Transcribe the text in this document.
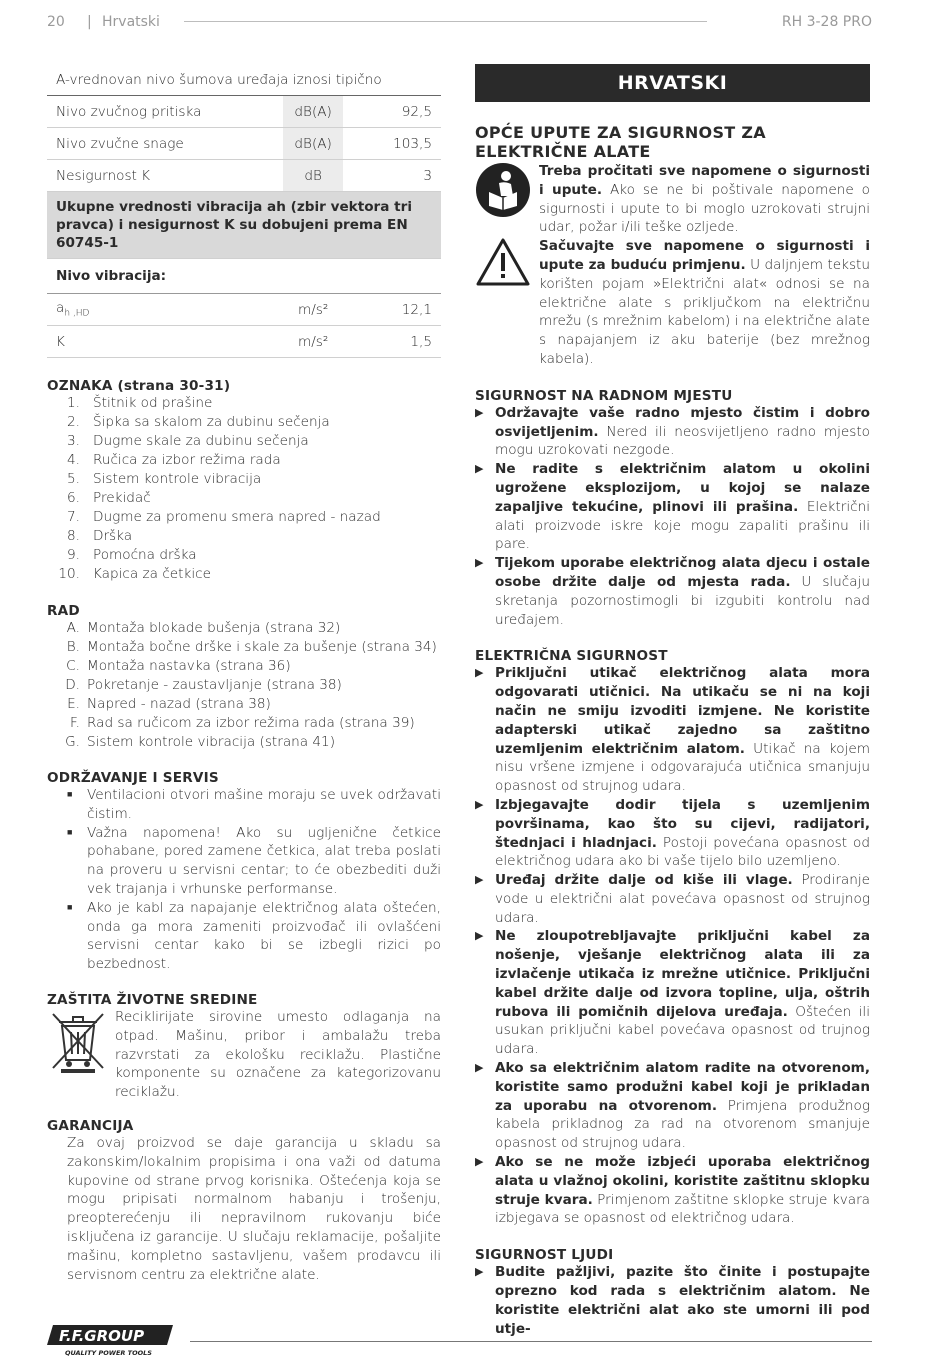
20 | Hrvatski	RH 3-28 PRO
A-vrednovan nivo šumova uređaja iznosi tipično		
Nivo zvučnog pritiska	dB(A)	92,5
Nivo zvučne snage	dB(A)	103,5
Nesigurnost K	dB	3
Ukupne vrednosti vibracija ah (zbir vektora tri pravca) i nesigurnost K su dobujeni prema EN 60745-1		
Nivo vibracija:		
$a_{h ,HD}$	m/s²	12,1
K	m/s²	1,5
OZNAKA (strana 30-31)
1. Štitnik od prašine
2. Šipka sa skalom za dubinu sečenja
3. Dugme skale za dubinu sečenja
4. Ručica za izbor režima rada
5. Sistem kontrole vibracija
6. Prekidač
7. Dugme za promenu smera napred - nazad
8. Drška
9. Pomoćna drška
10. Kapica za četkice
RAD
A. Montaža blokade bušenja (strana 32)
B. Montaža bočne drške i skale za bušenje (strana 34)
C. Montaža nastavka (strana 36)
D. Pokretanje - zaustavljanje (strana 38)
E. Napred - nazad (strana 38)
F. Rad sa ručicom za izbor režima rada (strana 39)
G. Sistem kontrole vibracija (strana 41)
ODRŽAVANJE I SERVIS
■	Ventilacioni otvori mašine moraju se uvek održavati čistim.
■	Važna napomena! Ako su ugljenične četkice pohabane, pored zamene četkica, alat treba poslati na proveru u servisni centar; to će obezbediti duži vek trajanja i vrhunske performanse.
■	Ako je kabl za napajanje električnog alata oštećen, onda ga mora zameniti proizvođač ili ovlašćeni servisni centar kako bi se izbegli rizici po bezbednost.
ZAŠTITA ŽIVOTNE SREDINE

Reciklirijate sirovine umesto odlaganja na otpad. Mašinu, pribor i ambalažu treba razvrstati za ekološku reciklažu. Plastične komponente su označene za kategorizovanu reciklažu.

GARANCIJA

Za ovaj proizvod se daje garancija u skladu sa zakonskim/lokalnim propisima i ona važi od datuma kupovine od strane prvog korisnika. Oštećenja koja se mogu pripisati normalnom habanju i trošenju, preopterećenju ili nepravilnom rukovanju biće isključena iz garancije. U slučaju reklamacije, pošaljite mašinu, kompletno sastavljenu, vašem prodavcu ili servisnom centru za električne alate.

HRVATSKI
OPĆE UPUTE ZA SIGURNOST ZA ELEKTRIČNE ALATE

Treba pročitati sve napomene o sigurnosti i upute. Ako se ne bi poštivale napomene o sigurnosti i upute to bi moglo uzrokovati strujni udar, požar i/ili teške ozljede.

Sačuvajte sve napomene o sigurnosti i upute za buduću primjenu. U daljnjem tekstu korišten pojam »Električni alat« odnosi se na električne alate s priključkom na električnu mrežu (s mrežnim kabelom) i na električne alate s napajanjem iz aku baterije (bez mrežnog kabela).

SIGURNOST NA RADNOM MJESTU
▶ Održavajte vaše radno mjesto čistim i dobro osvijetljenim. Nered ili neosvijetljeno radno mjesto mogu uzrokovati nezgode.
▶ Ne radite s električnim alatom u okolini ugrožene eksplozijom, u kojoj se nalaze zapaljive tekućine, plinovi ili prašina. Električni alati proizvode iskre koje mogu zapaliti prašinu ili pare.
▶ Tijekom uporabe električnog alata djecu i ostale osobe držite dalje od mjesta rada. U slučaju skretanja pozornostimogli bi izgubiti kontrolu nad uređajem.
ELEKTRIČNA SIGURNOST
▶ Priključni utikač električnog alata mora odgovarati utičnici. Na utikaču se ni na koji način ne smiju izvoditi izmjene. Ne koristite adapterski utikač zajedno sa zaštitno uzemljenim električnim alatom. Utikač na kojem nisu vršene izmjene i odgovarajuća utičnica smanjuju opasnost od strujnog udara.
▶ Izbjegavajte dodir tijela s uzemljenim površinama, kao što su cijevi, radijatori, štednjaci i hladnjaci. Postoji povećana opasnost od električnog udara ako bi vaše tijelo bilo uzemljeno.
▶ Uređaj držite dalje od kiše ili vlage. Prodiranje vode u električni alat povećava opasnost od strujnog udara.
▶ Ne zloupotrebljavajte priključni kabel za nošenje, vješanje električnog alata ili za izvlačenje utikača iz mrežne utičnice. Priključni kabel držite dalje od izvora topline, ulja, oštrih rubova ili pomičnih dijelova uređaja. Oštećen ili usukan priključni kabel povećava opasnost od trujnog udara.
▶ Ako sa električnim alatom radite na otvorenom, koristite samo produžni kabel koji je prikladan za uporabu na otvorenom. Primjena produžnog kabela prikladnog za rad na otvorenom smanjuje opasnost od strujnog udara.
▶ Ako se ne može izbjeći uporaba električnog alata u vlažnoj okolini, koristite zaštitnu sklopku struje kvara. Primjenom zaštitne sklopke struje kvara izbjegava se opasnost od električnog udara.
SIGURNOST LJUDI
▶ Budite pažljivi, pazite što činite i postupajte oprezno kod rada s električnim alatom. Ne koristite električni alat ako ste umorni ili pod utje-
F.F.GROUP
QUALITY POWER TOOLS
